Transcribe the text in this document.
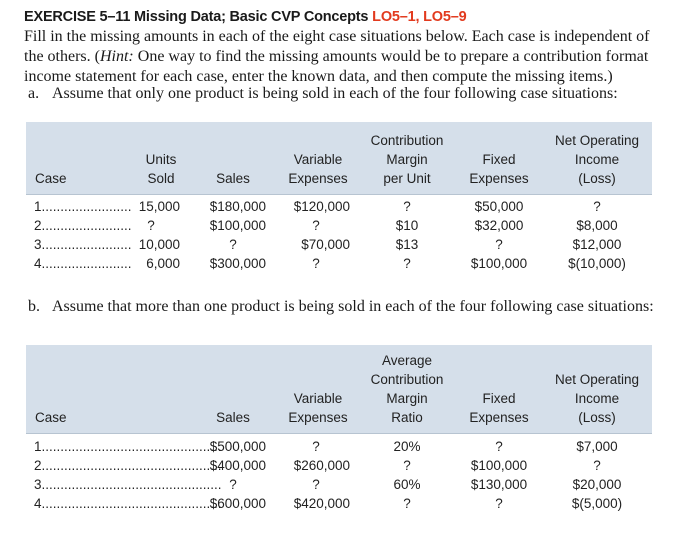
EXERCISE 5–11 Missing Data; Basic CVP Concepts LO5–1, LO5–9
Fill in the missing amounts in each of the eight case situations below. Each case is independent of
the others. (Hint: One way to find the missing amounts would be to prepare a contribution format
income statement for each case, enter the known data, and then compute the missing items.)
a. Assume that only one product is being sold in each of the four following case situations:
Case
Units
Sold	Sales
Variable
Expenses
Contribution
Margin
per Unit
Fixed
Expenses
Net Operating
Income
(Loss)
1........................ 15,000	$180,000	$120,000	?	$50,000	?
2........................	?	$100,000	?	$10	$32,000	$8,000
3........................ 10,000	?	$70,000	$13	?	$12,000
4........................	6,000	$300,000	?	?	$100,000	$(10,000)
b. Assume that more than one product is being sold in each of the four following case situations:
Case	Sales
Variable
Expenses
Average
Contribution
Margin
Ratio
Fixed
Expenses
Net Operating
Income
(Loss)
1................................................
$500,000	?	20%	?	$7,000
2................................................
$400,000	$260,000	?	$100,000	?
3................................................ ?	?	60%	$130,000	$20,000
4................................................
$600,000	$420,000	?	?	$(5,000)
